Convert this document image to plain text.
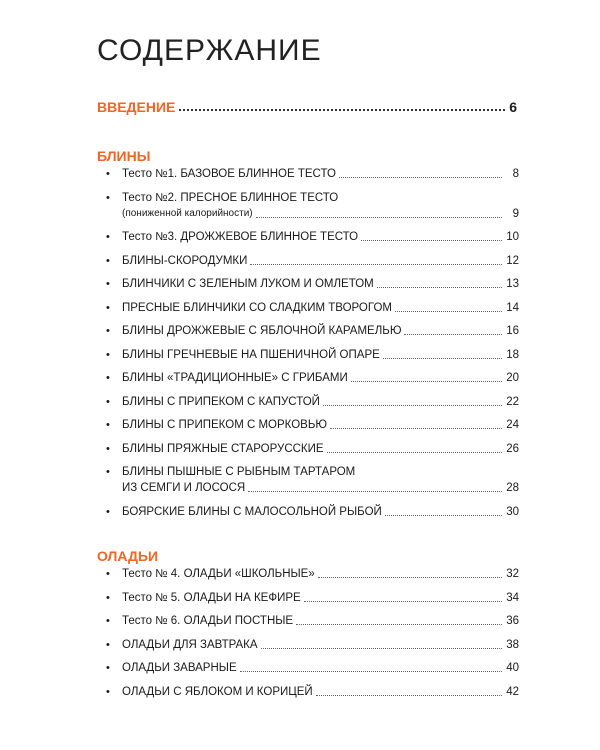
СОДЕРЖАНИЕ
ВВЕДЕНИЕ	6
БЛИНЫ
• Тесто №1. БАЗОВОЕ БЛИННОЕ ТЕСТО	8
• Тесто №2. ПРЕСНОЕ БЛИННОЕ ТЕСТО
(пониженной калорийности)	9
• Тесто №3. ДРОЖЖЕВОЕ БЛИННОЕ ТЕСТО	10
• БЛИНЫ-СКОРОДУМКИ	12
• БЛИНЧИКИ С ЗЕЛЕНЫМ ЛУКОМ И ОМЛЕТОМ	13
• ПРЕСНЫЕ БЛИНЧИКИ СО СЛАДКИМ ТВОРОГОМ	14
• БЛИНЫ ДРОЖЖЕВЫЕ С ЯБЛОЧНОЙ КАРАМЕЛЬЮ	16
• БЛИНЫ ГРЕЧНЕВЫЕ НА ПШЕНИЧНОЙ ОПАРЕ	18
• БЛИНЫ «ТРАДИЦИОННЫЕ» С ГРИБАМИ	20
• БЛИНЫ С ПРИПЕКОМ С КАПУСТОЙ	22
• БЛИНЫ С ПРИПЕКОМ С МОРКОВЬЮ	24
• БЛИНЫ ПРЯЖНЫЕ СТАРОРУССКИЕ	26
• БЛИНЫ ПЫШНЫЕ С РЫБНЫМ ТАРТАРОМ
ИЗ СЕМГИ И ЛОСОСЯ	28
• БОЯРСКИЕ БЛИНЫ С МАЛОСОЛЬНОЙ РЫБОЙ	30
ОЛАДЬИ
• Тесто № 4. ОЛАДЬИ «ШКОЛЬНЫЕ»	32
• Тесто № 5. ОЛАДЬИ НА КЕФИРЕ	34
• Тесто № 6. ОЛАДЬИ ПОСТНЫЕ	36
• ОЛАДЬИ ДЛЯ ЗАВТРАКА	38
• ОЛАДЬИ ЗАВАРНЫЕ	40
• ОЛАДЬИ С ЯБЛОКОМ И КОРИЦЕЙ	42
